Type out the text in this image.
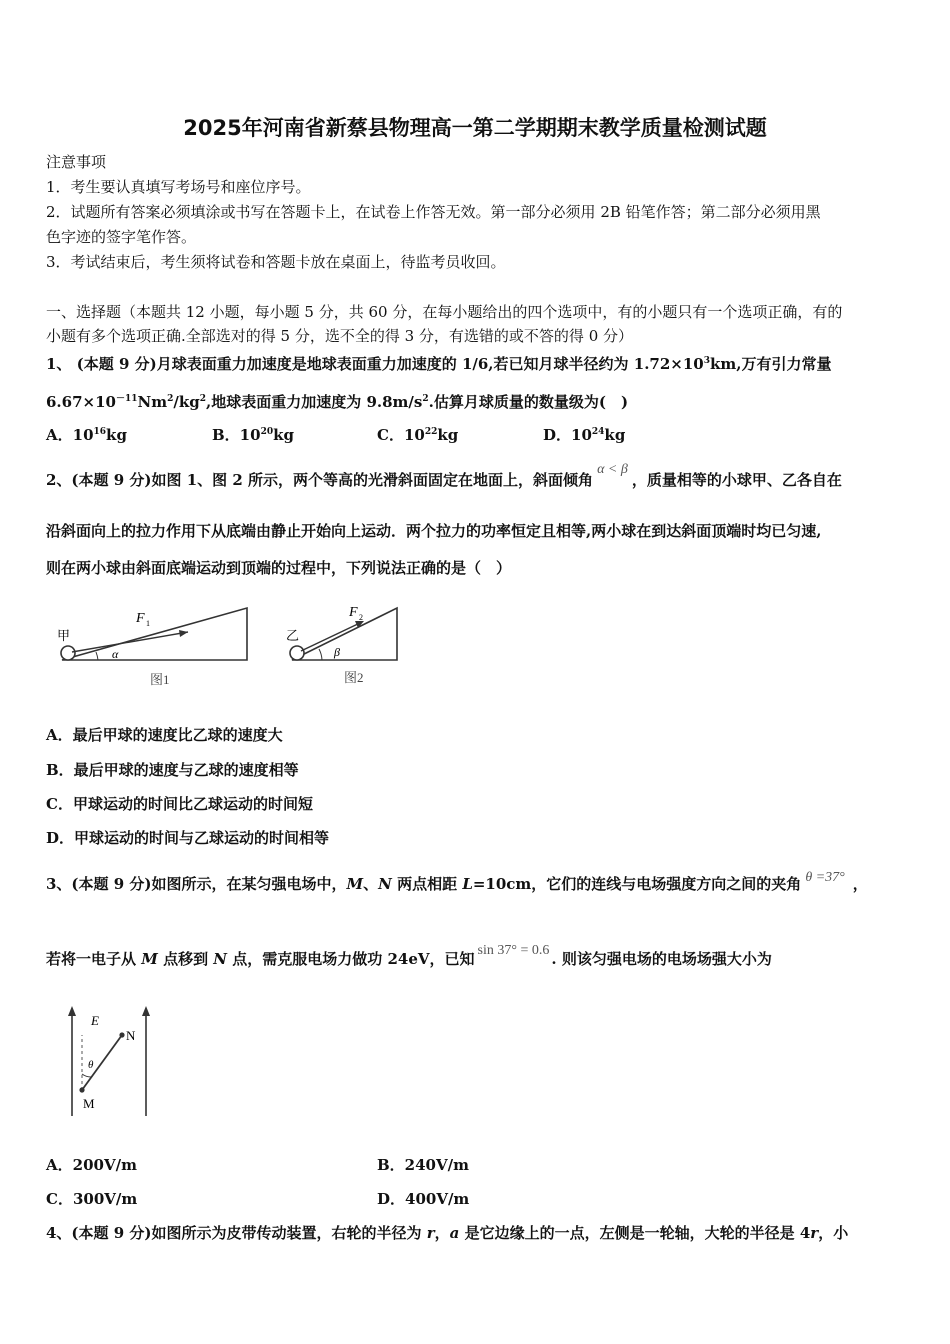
2025年河南省新蔡县物理高一第二学期期末教学质量检测试题
注意事项
1．考生要认真填写考场号和座位序号。
2．试题所有答案必须填涂或书写在答题卡上，在试卷上作答无效。第一部分必须用 2B 铅笔作答；第二部分必须用黑
色字迹的签字笔作答。
3．考试结束后，考生须将试卷和答题卡放在桌面上，待监考员收回。
一、选择题（本题共 12 小题，每小题 5 分，共 60 分，在每小题给出的四个选项中，有的小题只有一个选项正确，有的
小题有多个选项正确.全部选对的得 5 分，选不全的得 3 分，有选错的或不答的得 0 分）
1、 (本题 9 分)月球表面重力加速度是地球表面重力加速度的 1/6,若已知月球半径约为 $1.72\times 10^3km$,万有引力常量
$6.67\times 10^{-11}Nm^2/kg^2$,地球表面重力加速度为 $9.8m/s^2$.估算月球质量的数量级为(　)
A．$10^{16}kg$	B．$10^{20}kg$	C．$10^{22}kg$	D．$10^{24}kg$
2、(本题 9 分)如图 1、图 2 所示，两个等高的光滑斜面固定在地面上，斜面倾角α < β，质量相等的小球甲、乙各自在
沿斜面向上的拉力作用下从底端由静止开始向上运动．两个拉力的功率恒定且相等,两小球在到达斜面顶端时均已匀速,
则在两小球由斜面底端运动到顶端的过程中，下列说法正确的是（　）
甲
F 1
α
图1
乙
F 2
β
图2
A．最后甲球的速度比乙球的速度大
B．最后甲球的速度与乙球的速度相等
C．甲球运动的时间比乙球运动的时间短
D．甲球运动的时间与乙球运动的时间相等
3、(本题 9 分)如图所示，在某匀强电场中，M、N 两点相距 L=10cm，它们的连线与电场强度方向之间的夹角 θ =37° ，
若将一电子从 M 点移到 N 点，需克服电场力做功 24eV，已知 sin 37° = 0.6 . 则该匀强电场的电场场强大小为
E
N
M
θ
A．200V/m	B．240V/m
C．300V/m	D．400V/m
4、(本题 9 分)如图所示为皮带传动装置，右轮的半径为 r，a 是它边缘上的一点，左侧是一轮轴，大轮的半径是 4r，小
